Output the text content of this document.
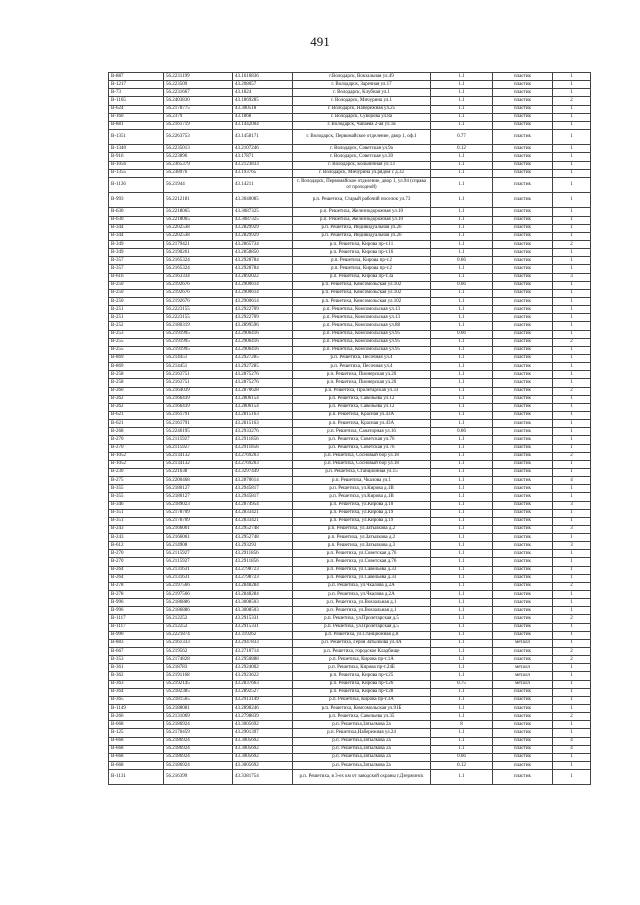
491
В-887	56.2231199	43.1610836	г.Володарск, Вокзальная ул.49	1.1	пластик	1
В-1217	56.223509	43.208057	г. Володарск, Заречная ул.17	1.1	пластик	1
В-73	56.2231667	43.1824	г. Володарск, Клубная ул.1	1.1	пластик	1
В-1165	56.2403830	43.1869285	г. Володарск, Мичурина ул.1	1.1	пластик	2
В-624	56.2178775	43.300518	г. Володарск, Набережная ул.25	1.1	пластик	1
В-160	56.2379	43.1868	г. Володарск, Суворова ул.8а	1.1	пластик	1
В-881	56.2161719	43.1442004	г. Володарск, Чапаева 2-ая ул.1в	1.1	пластик	1
В-1351	56.2263753	43.1458171	г. Володарск, Первомайское отделение, двор 1, оф.1	0.77	пластик	1
В-1340	56.2235013	43.2107246	г. Володарск, Советская ул.9а	0.12	пластик	1
В-916	56.223896	43.17871	г. Володарск, Советская ул.30	1.1	пластик	1
В-1056	56.2365379	43.2123833	г. Володарск, Больничная ул.13	1.1	пластик	1
В-1355	56.238976	43.193765	г. Володарск, Мичурина ул.рядом с д.32	1.1	пластик	1
В-1136	56.21944	43.14211	г. Володарск, Первомайское отделение, двор 1, ул.94 (справа от проходной)	1.1	пластик	1
В-993	56.2212181	43.3040085	р.п. Решетиха, Старый рабочий поселок ул.73	1.1	пластик	1
В-630	56.2218065	43.3087325	р.п. Решетиха, Железнодорожная ул.10	1.1	пластик	1
В-630	56.2218065	43.3087325	р.п. Решетиха, Железнодорожная ул.10	1.1	пластик	1
В-344	56.2202538	43.2829929	р.п. Решетиха, Индивидуальная ул.26	1.1	пластик	1
В-344	56.2202538	43.2829929	р.п. Решетиха, Индивидуальная ул.26	1.1	пластик	1
В-349	56.2179421	43.2865734	р.п. Решетиха, Кирова пр-т.11	1.1	пластик	2
В-349	56.2190261	43.2858850	р.п. Решетиха, Кирова пр-т.16	1.1	пластик	1
В-357	56.2165324	43.2928784	р.п. Решетиха, Кирова пр-т.2	0.66	пластик	1
В-357	56.2165324	43.2928784	р.п. Решетиха, Кирова пр-т.2	1.1	пластик	1
В-616	56.2163334	43.2892022	р.п. Решетиха, Кирова пр-т.3а	1.1	пластик	3
В-250	56.2192676	43.2900614	р.п. Решетиха, Комсомольская ул.102	0.66	пластик	1
В-250	56.2192676	43.2900614	р.п. Решетиха, Комсомольская ул.102	1.1	пластик	1
В-250	56.2192676	43.2900614	р.п. Решетиха, Комсомольская ул.102	1.1	пластик	1
В-251	56.2223155	43.2922709	р.п. Решетиха, Комсомольская ул.13	1.1	пластик	1
В-251	56.2223155	43.2922709	р.п. Решетиха, Комсомольская ул.13	1.1	пластик	1
В-252	56.2180319	43.2899596	р.п. Решетиха, Комсомольская ул.88	1.1	пластик	1
В-253	56.2191995	43.2906416	р.п. Решетиха, Комсомольская ул.95	0.66	пластик	1
В-255	56.2191995	43.2906416	р.п. Решетиха, Комсомольская ул.95	1.1	пластик	2
В-255	56.2191995	43.2906416	р.п. Решетиха, Комсомольская ул.95	1.1	пластик	1
В-869	56.214451	43.2927285	р.п. Решетиха, Песочная ул.4	1.1	пластик	1
В-869	56.214451	43.2927285	р.п. Решетиха, Песочная ул.4	1.1	пластик	1
В-258	56.2163751	43.2875276	р.п. Решетиха, Пионерская ул.20	1.1	пластик	1
В-258	56.2163751	43.2875276	р.п. Решетиха, Пионерская ул.20	1.1	пластик	1
В-260	56.2164039	43.2870628	р.п. Решетиха, Пролетарская ул.33	1.1	пластик	2
В-262	56.2166439	43.2806154	р.п. Решетиха, Савельева ул.12	1.1	пластик	1
В-262	56.2166439	43.2806154	р.п. Решетиха, Савельева ул.12	1.1	пластик	1
В-621	56.2161791	43.2815163	р.п. Решетиха, Красная ул.43А	1.1	пластик	1
В-621	56.2161791	43.2815163	р.п. Решетиха, Красная ул.43А	1.1	пластик	1
В-268	56.2246195	43.2933276	р.п. Решетиха, Санаторная ул.16	0.66	пластик	1
В-270	56.2115927	43.2911856	р.п. Решетиха, Советская ул.76	1.1	пластик	1
В-270	56.2115927	43.2911856	р.п. Решетиха, Советская ул.76	1.1	пластик	1
В-1052	56.2134132	43.2769203	р.п. Решетиха, Сосновый бор ул.18	1.1	пластик	2
В-1052	56.2134132	43.2769203	р.п. Решетиха, Сосновый бор ул.18	1.1	пластик	1
В-230	56.221638	43.3297449	р.п. Решетиха, Станционная ул.15	1.1	пластик	1
В-275	56.2200468	43.2870614	р.п. Решетиха, Чкалова ул.1	1.1	пластик	4
В-355	56.2180127	43.2945817	р.п. Решетиха, ул.Кирова д.1В	1.1	пластик	1
В-355	56.2180127	43.2945817	р.п. Решетиха, ул.Кирова д.1В	1.1	пластик	1
В-346	56.2189023	43.2874954	р.п. Решетиха, ул.Кирова д.10	1.1	пластик	3
В-351	56.2178709	43.2833421	р.п. Решетиха, ул.Кирова д.19	1.1	пластик	1
В-351	56.2178709	43.2833421	р.п. Решетиха, ул.Кирова д.19	1.1	пластик	1
В-243	56.2166061	43.2952748	р.п. Решетиха, ул.Затылкова д.2	1.1	пластик	3
В-243	56.2166061	43.2952748	р.п. Решетиха, ул.Затылкова д.2	1.1	пластик	1
В-612	56.214908	43.293293	р.п. Решетиха, ул.Затылкова д.3	1.1	пластик	3
В-270	56.2115927	43.2911856	р.п. Решетиха, ул.Советская д.76	1.1	пластик	1
В-270	56.2115927	43.2911856	р.п. Решетиха, ул.Советская д.76	1.1	пластик	1
В-264	56.2131631	43.2798723	р.п. Решетиха, ул.Савельева д.33	1.1	пластик	1
В-264	56.2131631	43.2798723	р.п. Решетиха, ул.Савельева д.33	1.1	пластик	1
В-278	56.2197566	43.2848284	р.п. Решетиха, ул.Чкалова д.2А	1.1	пластик	2
В-278	56.2197566	43.2848284	р.п. Решетиха, ул.Чкалова д.2А	1.1	пластик	1
В-996	56.2186886	43.3008503	р.п. Решетиха, ул.Вокзальная д.1	1.1	пластик	1
В-996	56.2186886	43.3008503	р.п. Решетиха, ул.Вокзальная д.1	1.1	пластик	1
В-1117	56.212252	43.2915331	р.п. Решетиха, ул.Пролетарская д.5	1.1	пластик	2
В-1117	56.212252	43.2915331	р.п. Решетиха, ул.Пролетарская д.5	1.1	пластик	1
В-990	56.2221874	43.319262	р.п. Решетиха, ул.Станционная д.8	1.1	пластик	1
В-883	56.2161333	43.2947833	р.п. Решетиха, Героя Затылкова ул.4А	1.1	металл	1
В-667	56.219562	43.2710714	р.п. Решетиха, городское Кладбище	1.1	пластик	2
В-353	56.2174828	43.2950888	р.п. Решетиха, Кирова пр-т.1А	1.1	пластик	2
В-361	56.218783	43.2924002	р.п. Решетиха, Кирова пр-т.24Б	1.1	металл	1
В-362	56.2191168	43.2923622	р.п. Решетиха, Кирова пр-т.25	1.1	металл	1
В-363	56.2192145	43.2837663	р.п. Решетиха, Кирова пр-т.26	0.75	металл	1
В-364	56.2182385	43.2892527	р.п. Решетиха, Кирова пр-т.28	1.1	пластик	1
В-365	56.2181565	43.2913149	р.п. Решетиха, Кирова пр-т.3А	1.1	пластик	1
В-1149	56.2188081	43.2898246	р.п. Решетиха, Комсомольская ул.91Б	1.1	пластик	1
В-266	56.2131069	43.2798839	р.п. Решетиха, Савельева ул.35	1.1	пластик	2
В-668	56.2186924	43.3005692	р.п. Решетиха,Затылкова 2а	8	пластик	1
В-125	56.2170459	43.2901397	р.п. Решетиха,Набережная ул.24	1.1	пластик	1
В-668	56.2186924	43.3005692	р.п. Решетиха,Затылкова 2а	1.1	пластик	4
В-668	56.2186924	43.3005692	р.п. Решетиха,Затылкова 2а	1.1	пластик	4
В-668	56.2186924	43.3005692	р.п. Решетиха,Затылкова 2а	0.66	пластик	1
В-668	56.2186924	43.3005692	р.п. Решетиха,Затылкова 2а	0.12	пластик	1
В-1131	56.216399	43.3381754	р.п. Решетиха, в 3-ех км от заводской охраны г.Дзержинск	1.1	пластик	1
